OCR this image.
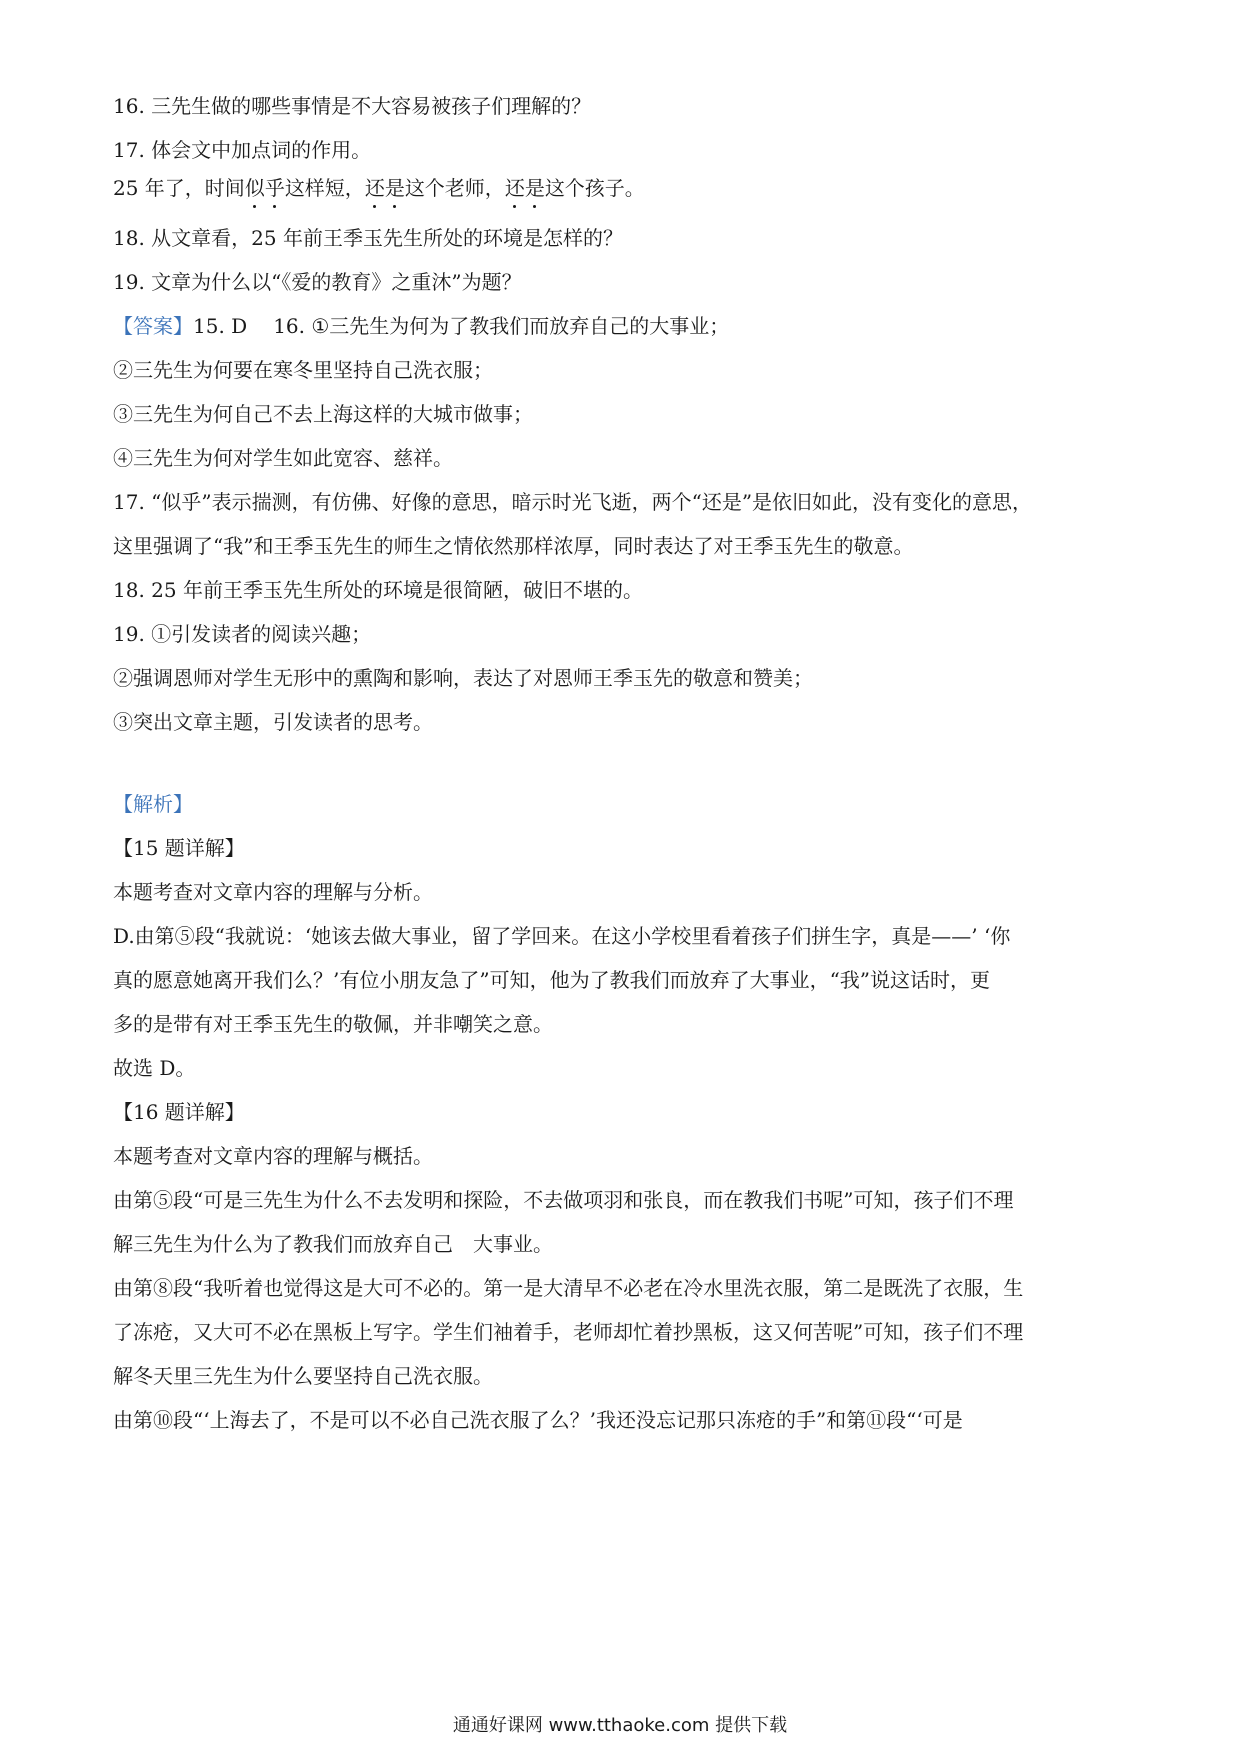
16. 三先生做的哪些事情是不大容易被孩子们理解的？
17. 体会文中加点词的作用。
25 年了，时间似乎这样短，还是这个老师，还是这个孩子。
18. 从文章看，25 年前王季玉先生所处的环境是怎样的？
19. 文章为什么以“《爱的教育》之重沐”为题？
【答案】15. D 16. ①三先生为何为了教我们而放弃自己的大事业；
②三先生为何要在寒冬里坚持自己洗衣服；
③三先生为何自己不去上海这样的大城市做事；
④三先生为何对学生如此宽容、慈祥。
17. “似乎”表示揣测，有仿佛、好像的意思，暗示时光飞逝，两个“还是”是依旧如此，没有变化的意思，
这里强调了“我”和王季玉先生的师生之情依然那样浓厚，同时表达了对王季玉先生的敬意。
18. 25 年前王季玉先生所处的环境是很简陋，破旧不堪的。
19. ①引发读者的阅读兴趣；
②强调恩师对学生无形中的熏陶和影响，表达了对恩师王季玉先的敬意和赞美；
③突出文章主题，引发读者的思考。
【解析】
【15 题详解】
本题考查对文章内容的理解与分析。
D.由第⑤段“我就说：‘她该去做大事业，留了学回来。在这小学校里看着孩子们拼生字，真是——’ ‘你
真的愿意她离开我们么？’有位小朋友急了”可知，他为了教我们而放弃了大事业，“我”说这话时，更
多的是带有对王季玉先生的敬佩，并非嘲笑之意。
故选 D。
【16 题详解】
本题考查对文章内容的理解与概括。
由第⑤段“可是三先生为什么不去发明和探险，不去做项羽和张良，而在教我们书呢”可知，孩子们不理
解三先生为什么为了教我们而放弃自己　大事业。
由第⑧段“我听着也觉得这是大可不必的。第一是大清早不必老在冷水里洗衣服，第二是既洗了衣服，生
了冻疮，又大可不必在黑板上写字。学生们袖着手，老师却忙着抄黑板，这又何苦呢”可知，孩子们不理
解冬天里三先生为什么要坚持自己洗衣服。
由第⑩段“‘上海去了，不是可以不必自己洗衣服了么？’我还没忘记那只冻疮的手”和第⑪段“‘可是
通通好课网 www.tthaoke.com 提供下载
